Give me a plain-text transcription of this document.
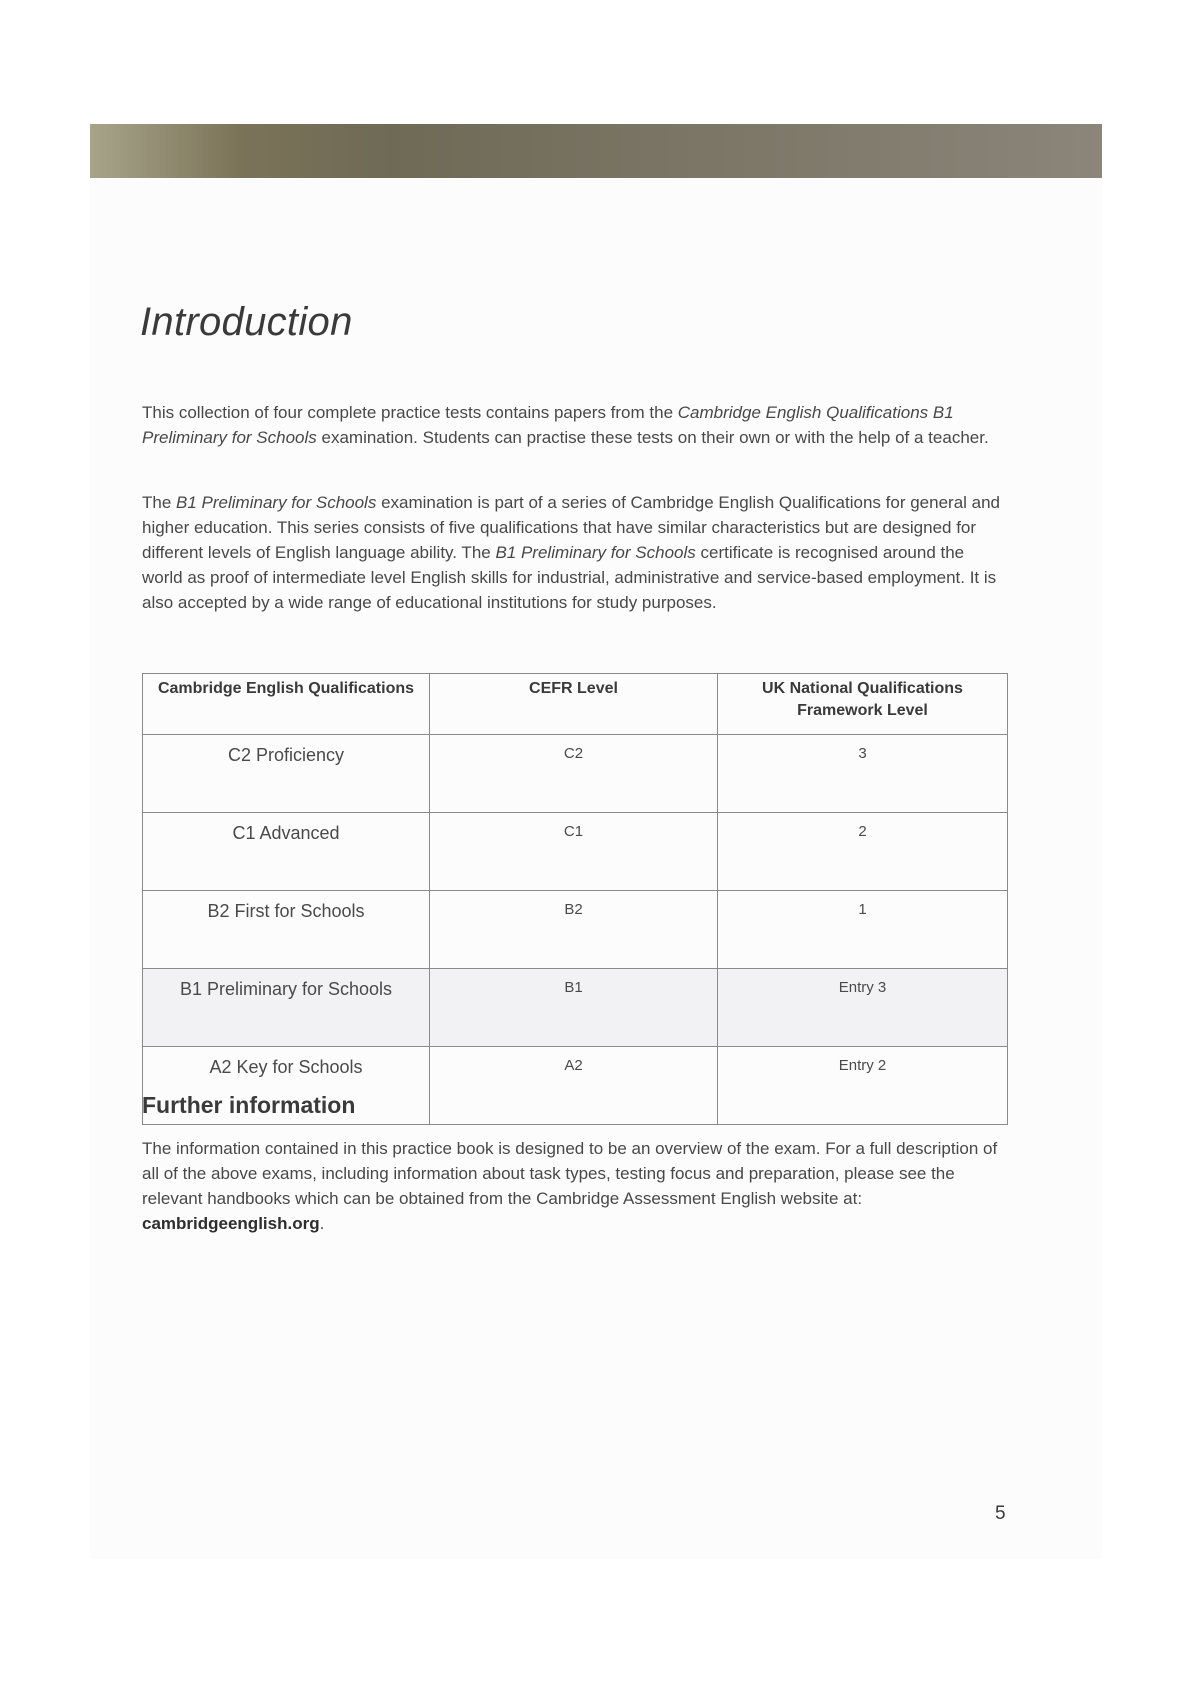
Introduction

This collection of four complete practice tests contains papers from the Cambridge English Qualifications B1 Preliminary for Schools examination. Students can practise these tests on their own or with the help of a teacher.

The B1 Preliminary for Schools examination is part of a series of Cambridge English Qualifications for general and higher education. This series consists of five qualifications that have similar characteristics but are designed for different levels of English language ability. The B1 Preliminary for Schools certificate is recognised around the world as proof of intermediate level English skills for industrial, administrative and service-based employment. It is also accepted by a wide range of educational institutions for study purposes.

Cambridge English Qualifications	CEFR Level	UK National Qualifications Framework Level
C2 Proficiency	C2	3
C1 Advanced	C1	2
B2 First for Schools	B2	1
B1 Preliminary for Schools	B1	Entry 3
A2 Key for Schools	A2	Entry 2
Further information

The information contained in this practice book is designed to be an overview of the exam. For a full description of all of the above exams, including information about task types, testing focus and preparation, please see the relevant handbooks which can be obtained from the Cambridge Assessment English website at: cambridgeenglish.org.

5
